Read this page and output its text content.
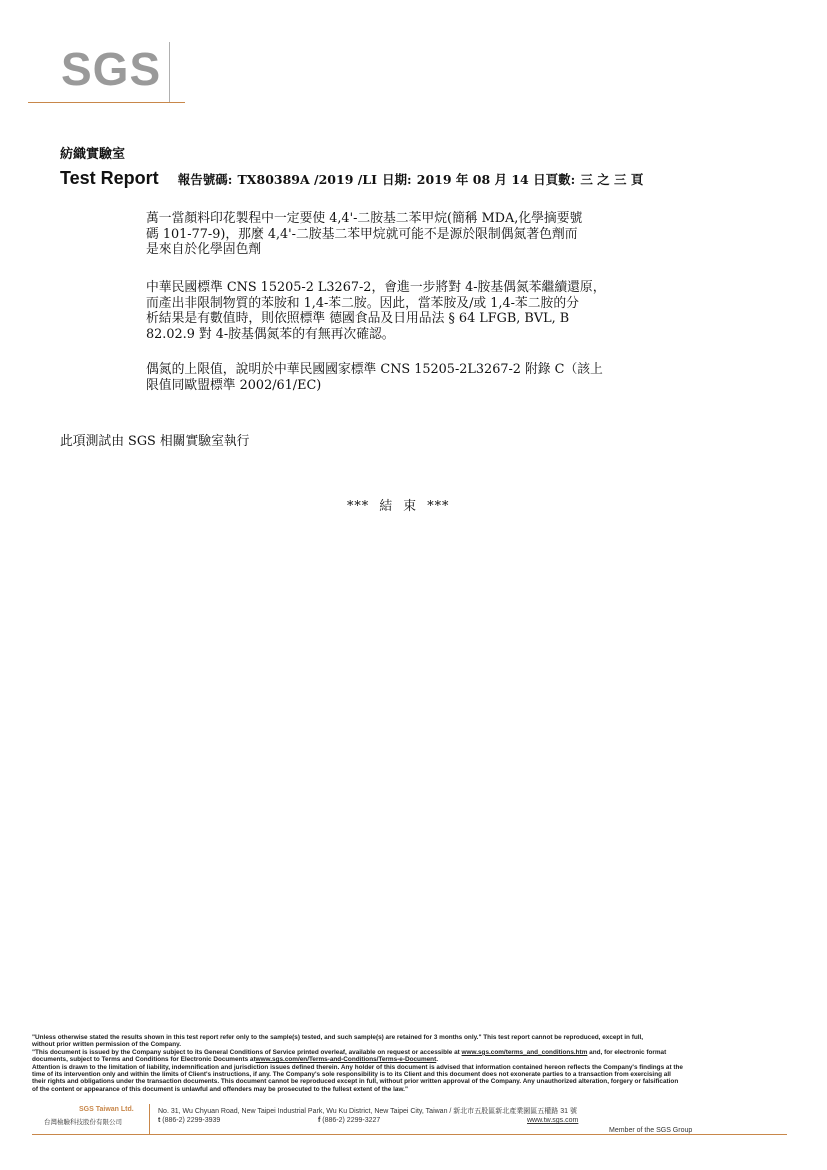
SGS
紡織實驗室
Test Report 報告號碼: TX80389A /2019 /LI 日期: 2019 年 08 月 14 日頁數: 三 之 三 頁
萬一當顏料印花製程中一定要使 4,4'-二胺基二苯甲烷(簡稱 MDA,化學摘要號
碼 101-77-9)，那麼 4,4'-二胺基二苯甲烷就可能不是源於限制偶氮著色劑而
是來自於化學固色劑
中華民國標準 CNS 15205-2 L3267-2，會進一步將對 4-胺基偶氮苯繼續還原，
而產出非限制物質的苯胺和 1,4-苯二胺。因此，當苯胺及/或 1,4-苯二胺的分
析結果是有數值時，則依照標準 德國食品及日用品法 § 64 LFGB, BVL, B
82.02.9 對 4-胺基偶氮苯的有無再次確認。
偶氮的上限值，說明於中華民國國家標準 CNS 15205-2L3267-2 附錄 C（該上
限值同歐盟標準 2002/61/EC)
此項測試由 SGS 相關實驗室執行
***  結  束  ***
"Unless otherwise stated the results shown in this test report refer only to the sample(s) tested, and such sample(s) are retained for 3 months only." This test report cannot be reproduced, except in full,
without prior written permission of the Company.
"This document is issued by the Company subject to its General Conditions of Service printed overleaf, available on request or accessible at www.sgs.com/terms_and_conditions.htm and, for electronic format
documents, subject to Terms and Conditions for Electronic Documents atwww.sgs.com/en/Terms-and-Conditions/Terms-e-Document.
Attention is drawn to the limitation of liability, indemnification and jurisdiction issues defined therein. Any holder of this document is advised that information contained hereon reflects the Company's findings at the
time of its intervention only and within the limits of Client's instructions, if any. The Company's sole responsibility is to its Client and this document does not exonerate parties to a transaction from exercising all
their rights and obligations under the transaction documents. This document cannot be reproduced except in full, without prior written approval of the Company. Any unauthorized alteration, forgery or falsification
of the content or appearance of this document is unlawful and offenders may be prosecuted to the fullest extent of the law."
SGS Taiwan Ltd.
台灣檢驗科技股份有限公司
No. 31, Wu Chyuan Road, New Taipei Industrial Park, Wu Ku District, New Taipei City, Taiwan / 新北市五股區新北產業園區五權路 31 號
t (886-2) 2299-3939	f (886-2) 2299-3227	www.tw.sgs.com
Member of the SGS Group
